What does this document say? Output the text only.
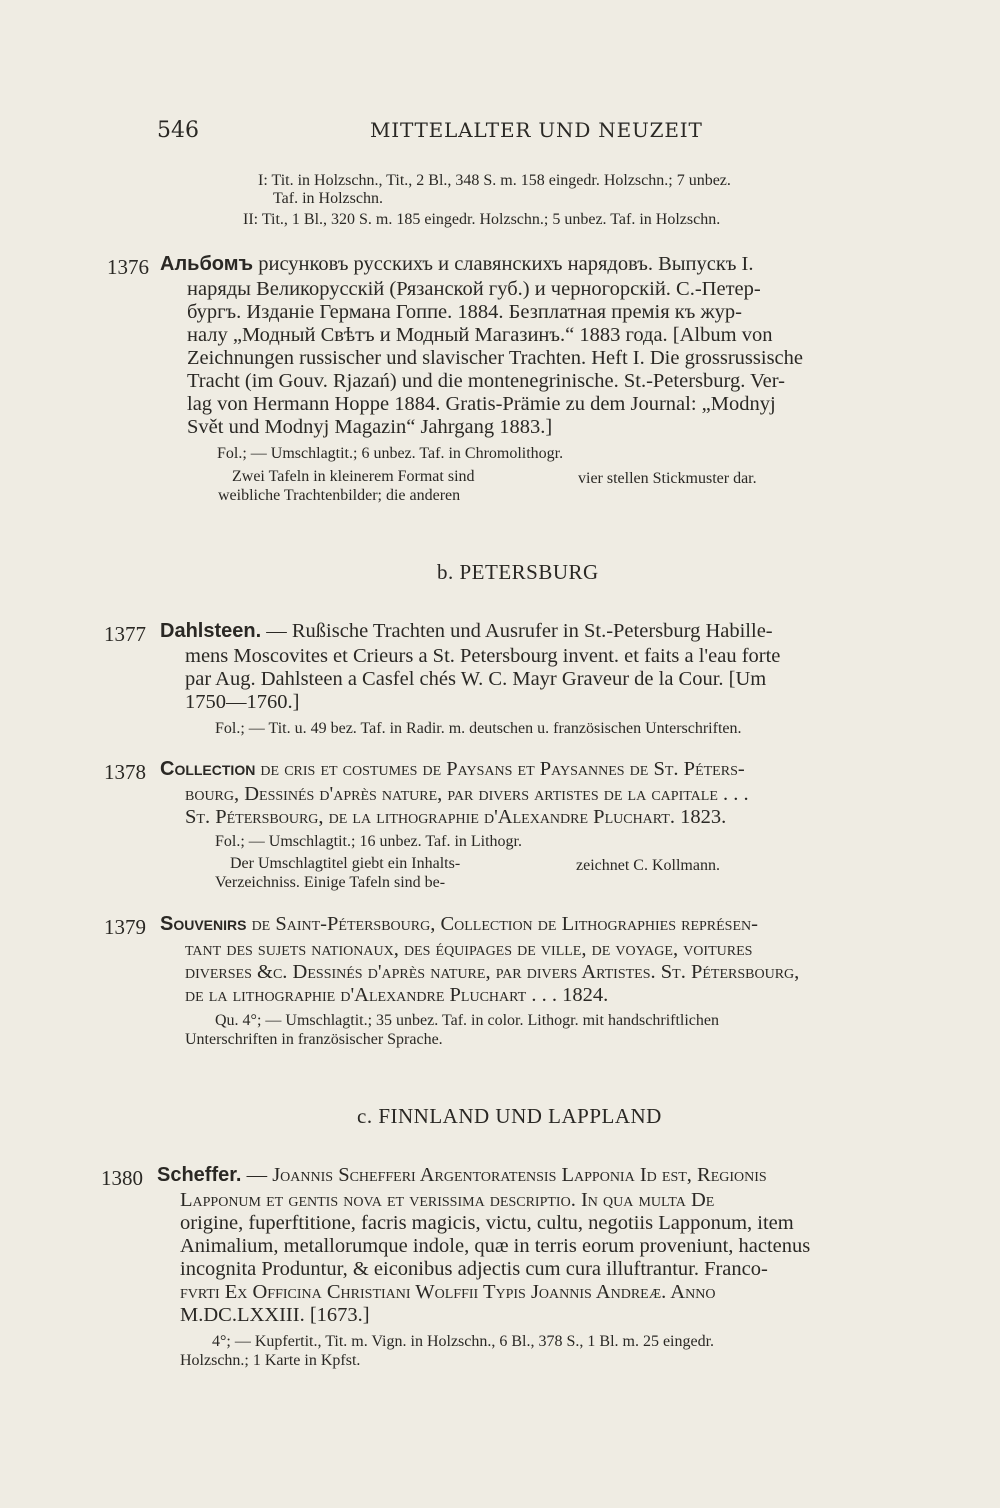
546	MITTELALTER UND NEUZEIT
I: Tit. in Holzschn., Tit., 2 Bl., 348 S. m. 158 eingedr. Holzschn.; 7 unbez.
Taf. in Holzschn.
II: Tit., 1 Bl., 320 S. m. 185 eingedr. Holzschn.; 5 unbez. Taf. in Holzschn.
1376 Альбомъ рисунковъ русскихъ и славянскихъ нарядовъ. Выпускъ I.
наряды Великорусскій (Рязанской губ.) и черногорскій. С.-Петер-
бургъ. Изданіе Германа Гоппе. 1884. Безплатная премія къ жур-
налу „Модный Свѣтъ и Модный Магазинъ.“ 1883 года. [Album von
Zeichnungen russischer und slavischer Trachten. Heft I. Die grossrussische
Tracht (im Gouv. Rjazań) und die montenegrinische. St.-Petersburg. Ver-
lag von Hermann Hoppe 1884. Gratis-Prämie zu dem Journal: „Modnyj
Svět und Modnyj Magazin“ Jahrgang 1883.]
Fol.; — Umschlagtit.; 6 unbez. Taf. in Chromolithogr.
Zwei Tafeln in kleinerem Format sind
weibliche Trachtenbilder; die anderen
vier stellen Stickmuster dar.
b. PETERSBURG
1377 Dahlsteen. — Rußische Trachten und Ausrufer in St.-Petersburg Habille-
mens Moscovites et Crieurs a St. Petersbourg invent. et faits a l'eau forte
par Aug. Dahlsteen a Casfel chés W. C. Mayr Graveur de la Cour. [Um
1750—1760.]
Fol.; — Tit. u. 49 bez. Taf. in Radir. m. deutschen u. französischen Unterschriften.
1378 Collection de cris et costumes de Paysans et Paysannes de St. Péters-
bourg, Dessinés d'après nature, par divers artistes de la capitale . . .
St. Pétersbourg, de la lithographie d'Alexandre Pluchart. 1823.
Fol.; — Umschlagtit.; 16 unbez. Taf. in Lithogr.
Der Umschlagtitel giebt ein Inhalts-
Verzeichniss. Einige Tafeln sind be-
zeichnet C. Kollmann.
1379 Souvenirs de Saint-Pétersbourg, Collection de Lithographies représen-
tant des sujets nationaux, des équipages de ville, de voyage, voitures
diverses &c. Dessinés d'après nature, par divers Artistes. St. Pétersbourg,
de la lithographie d'Alexandre Pluchart . . . 1824.
Qu. 4°; — Umschlagtit.; 35 unbez. Taf. in color. Lithogr. mit handschriftlichen
Unterschriften in französischer Sprache.
c. FINNLAND UND LAPPLAND
1380 Scheffer. — Joannis Schefferi Argentoratensis Lapponia Id est, Regionis
Lapponum et gentis nova et verissima descriptio. In qua multa De
origine, fuperftitione, facris magicis, victu, cultu, negotiis Lapponum, item
Animalium, metallorumque indole, quæ in terris eorum proveniunt, hactenus
incognita Produntur, & eiconibus adjectis cum cura illuftrantur. Franco-
fvrti Ex Officina Christiani Wolffii Typis Joannis Andreæ. Anno
M.DC.LXXIII. [1673.]
4°; — Kupfertit., Tit. m. Vign. in Holzschn., 6 Bl., 378 S., 1 Bl. m. 25 eingedr.
Holzschn.; 1 Karte in Kpfst.
